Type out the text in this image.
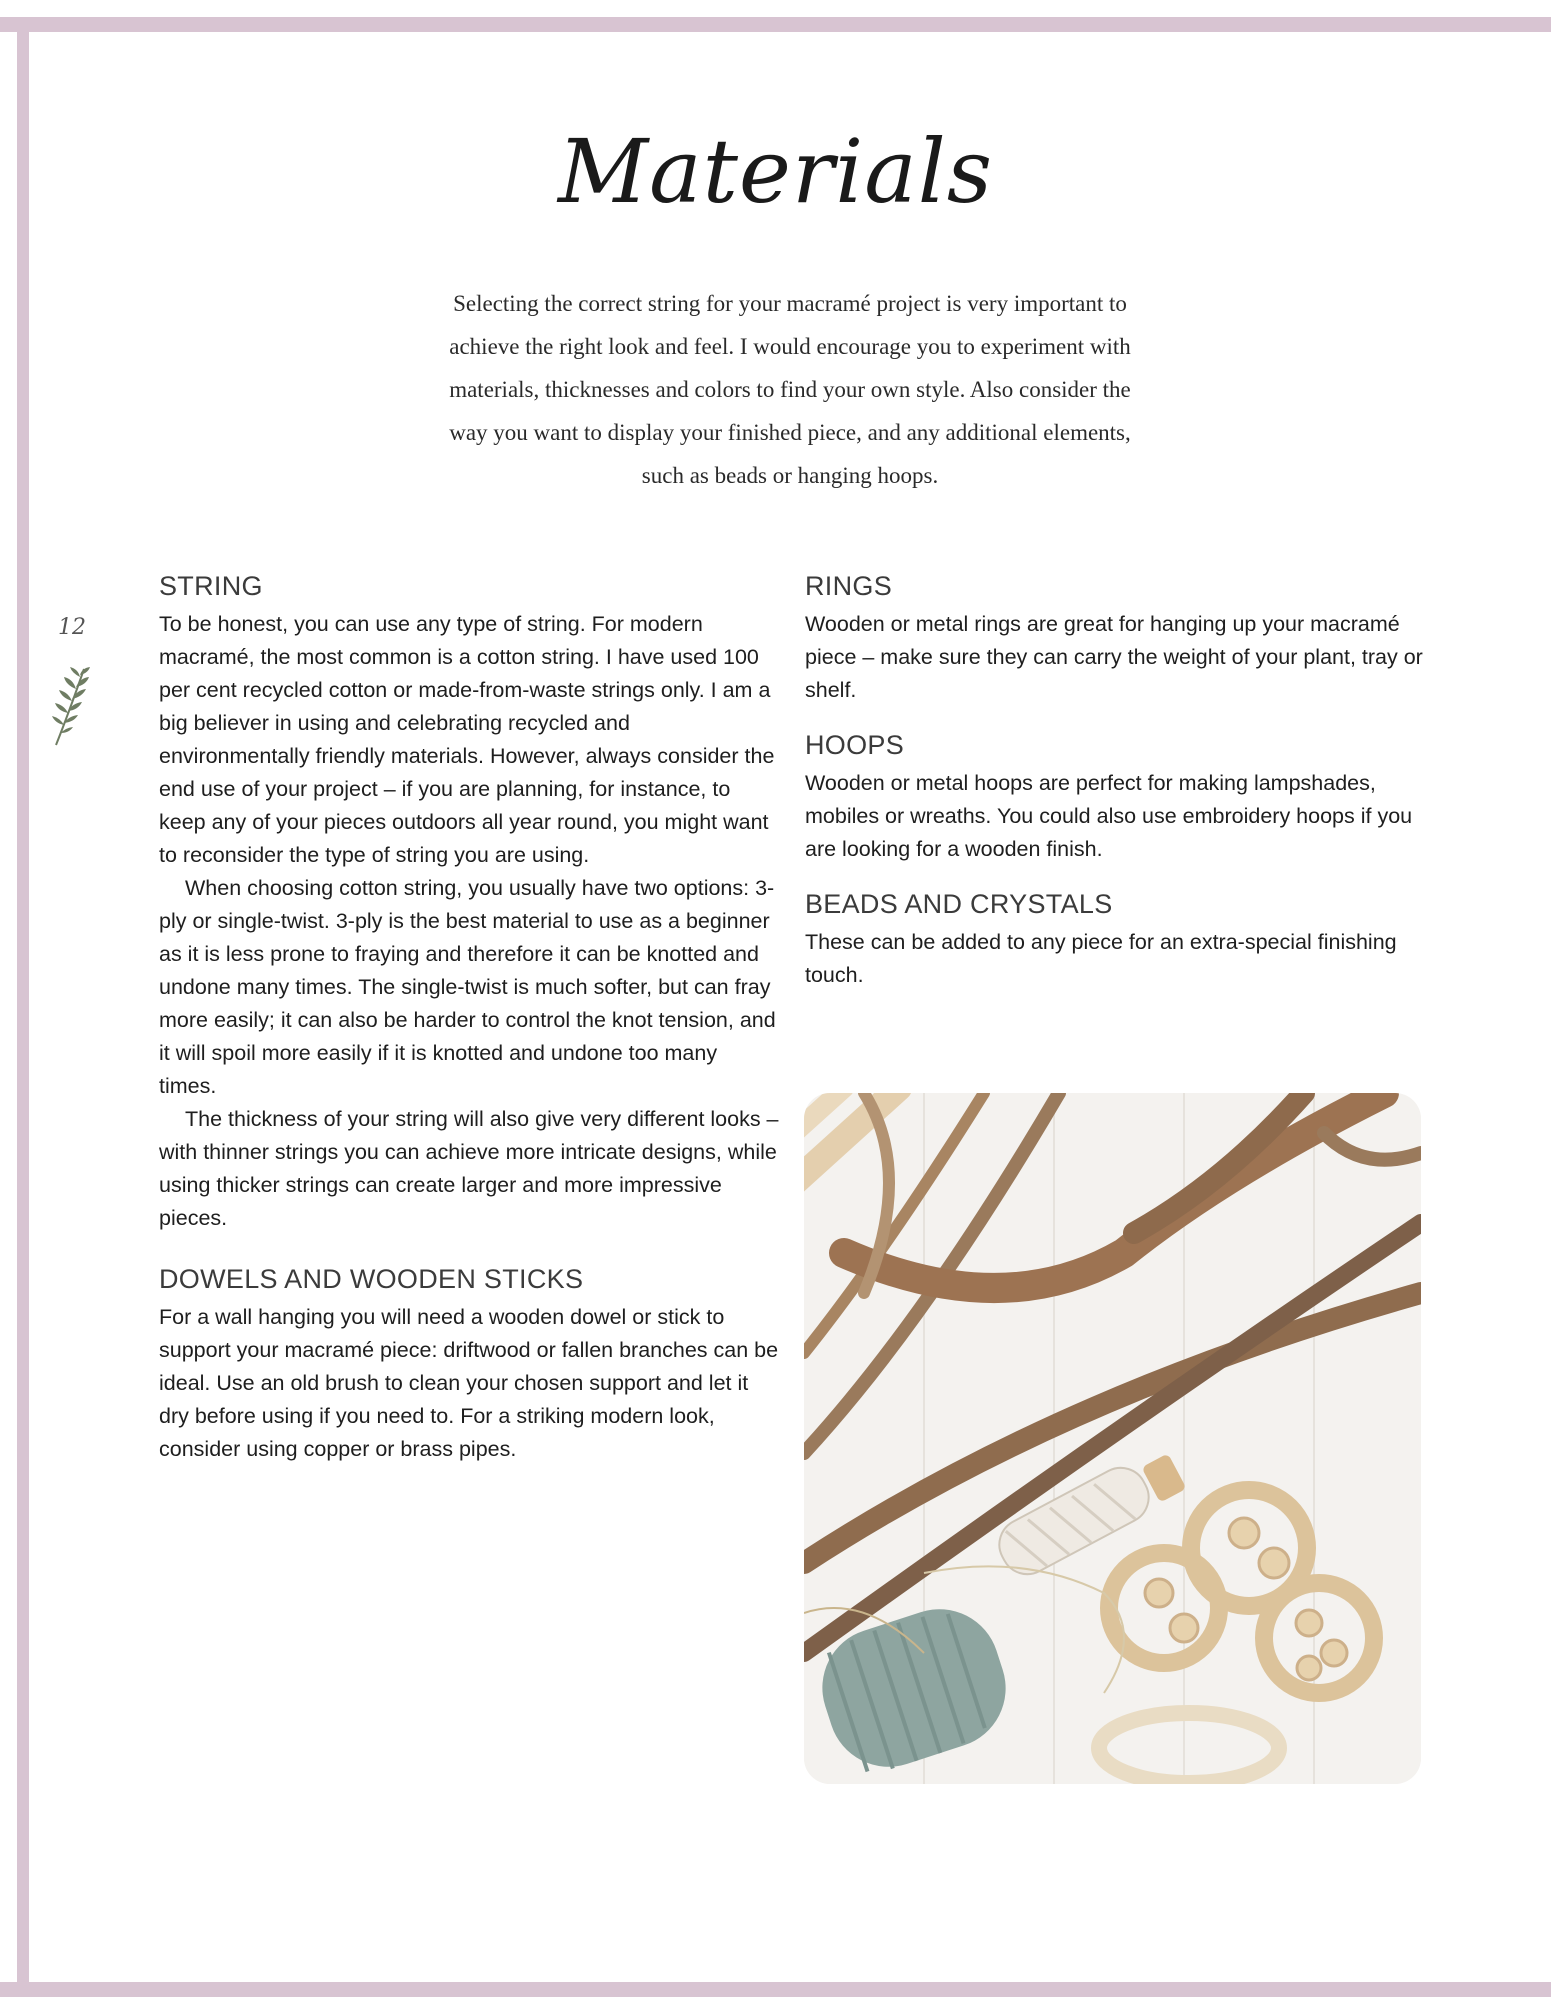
Materials

Selecting the correct string for your macramé project is very important to

achieve the right look and feel. I would encourage you to experiment with

materials, thicknesses and colors to find your own style. Also consider the

way you want to display your finished piece, and any additional elements,

such as beads or hanging hoops.

12
STRING

To be honest, you can use any type of string. For modern macramé, the most common is a cotton string. I have used 100 per cent recycled cotton or made-from-waste strings only. I am a big believer in using and celebrating recycled and environmentally friendly materials. However, always consider the end use of your project – if you are planning, for instance, to keep any of your pieces outdoors all year round, you might want to reconsider the type of string you are using.

When choosing cotton string, you usually have two options: 3-ply or single-twist. 3-ply is the best material to use as a beginner as it is less prone to fraying and therefore it can be knotted and undone many times. The single-twist is much softer, but can fray more easily; it can also be harder to control the knot tension, and it will spoil more easily if it is knotted and undone too many times.

The thickness of your string will also give very different looks – with thinner strings you can achieve more intricate designs, while using thicker strings can create larger and more impressive pieces.

DOWELS AND WOODEN STICKS

For a wall hanging you will need a wooden dowel or stick to support your macramé piece: driftwood or fallen branches can be ideal. Use an old brush to clean your chosen support and let it dry before using if you need to. For a striking modern look, consider using copper or brass pipes.

RINGS

Wooden or metal rings are great for hanging up your macramé piece – make sure they can carry the weight of your plant, tray or shelf.

HOOPS

Wooden or metal hoops are perfect for making lampshades, mobiles or wreaths. You could also use embroidery hoops if you are looking for a wooden finish.

BEADS AND CRYSTALS

These can be added to any piece for an extra-special finishing touch.
